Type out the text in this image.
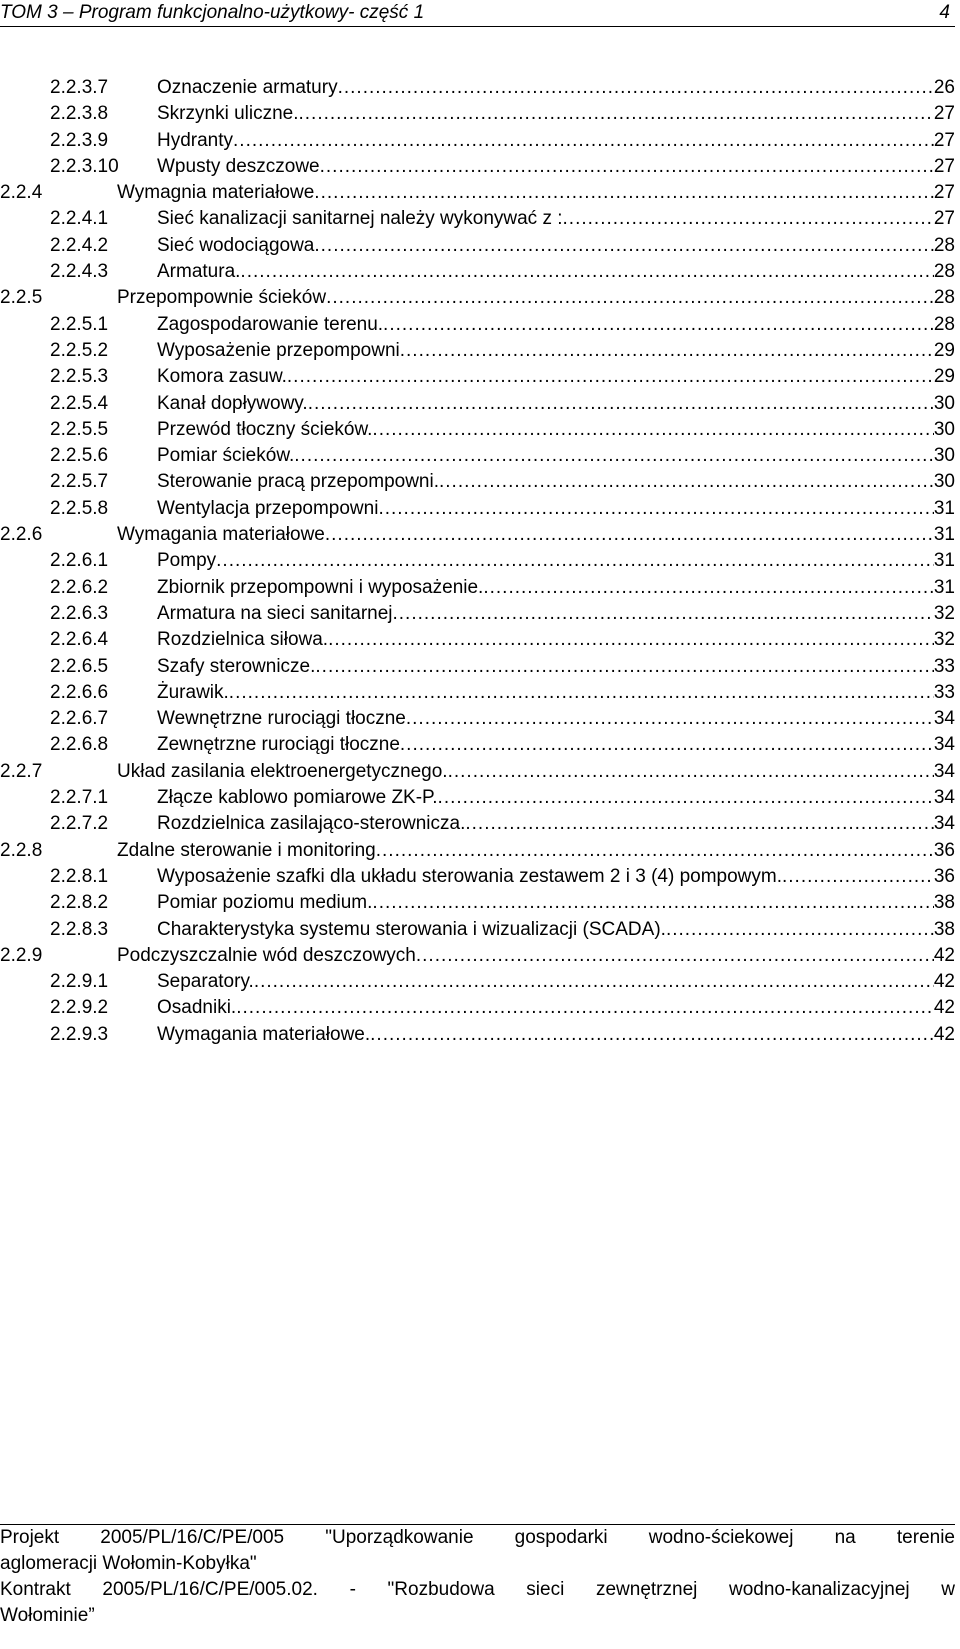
TOM 3 – Program funkcjonalno-użytkowy- część 1	4
2.2.3.7	Oznaczenie armatury .....	26
2.2.3.8	Skrzynki uliczne. .....	27
2.2.3.9	Hydranty .....	27
2.2.3.10	Wpusty deszczowe .....	27
2.2.4	Wymagnia materiałowe .....	27
2.2.4.1	Sieć kanalizacji sanitarnej należy wykonywać z : .....	27
2.2.4.2	Sieć wodociągowa .....	28
2.2.4.3	Armatura. .....	28
2.2.5	Przepompownie ścieków .....	28
2.2.5.1	Zagospodarowanie terenu. .....	28
2.2.5.2	Wyposażenie przepompowni .....	29
2.2.5.3	Komora zasuw. .....	29
2.2.5.4	Kanał dopływowy. .....	30
2.2.5.5	Przewód tłoczny ścieków. .....	30
2.2.5.6	Pomiar ścieków. .....	30
2.2.5.7	Sterowanie pracą przepompowni. .....	30
2.2.5.8	Wentylacja przepompowni .....	31
2.2.6	Wymagania materiałowe .....	31
2.2.6.1	Pompy .....	31
2.2.6.2	Zbiornik przepompowni i wyposażenie. .....	31
2.2.6.3	Armatura na sieci sanitarnej .....	32
2.2.6.4	Rozdzielnica siłowa. .....	32
2.2.6.5	Szafy sterownicze. .....	33
2.2.6.6	Żurawik. .....	33
2.2.6.7	Wewnętrzne rurociągi tłoczne .....	34
2.2.6.8	Zewnętrzne rurociągi tłoczne .....	34
2.2.7	Układ zasilania elektroenergetycznego. .....	34
2.2.7.1	Złącze kablowo pomiarowe ZK-P. .....	34
2.2.7.2	Rozdzielnica zasilająco-sterownicza. .....	34
2.2.8	Zdalne sterowanie i monitoring .....	36
2.2.8.1	Wyposażenie szafki dla układu sterowania zestawem 2 i 3 (4) pompowym. .....	36
2.2.8.2	Pomiar poziomu medium. .....	38
2.2.8.3	Charakterystyka systemu sterowania i wizualizacji (SCADA). .....	38
2.2.9	Podczyszczalnie wód deszczowych .....	42
2.2.9.1	Separatory. .....	42
2.2.9.2	Osadniki. .....	42
2.2.9.3	Wymagania materiałowe. .....	42

Projekt 2005/PL/16/C/PE/005 "Uporządkowanie gospodarki wodno-ściekowej na terenie

aglomeracji Wołomin-Kobyłka"

Kontrakt 2005/PL/16/C/PE/005.02. - "Rozbudowa sieci zewnętrznej wodno-kanalizacyjnej w

Wołominie”
